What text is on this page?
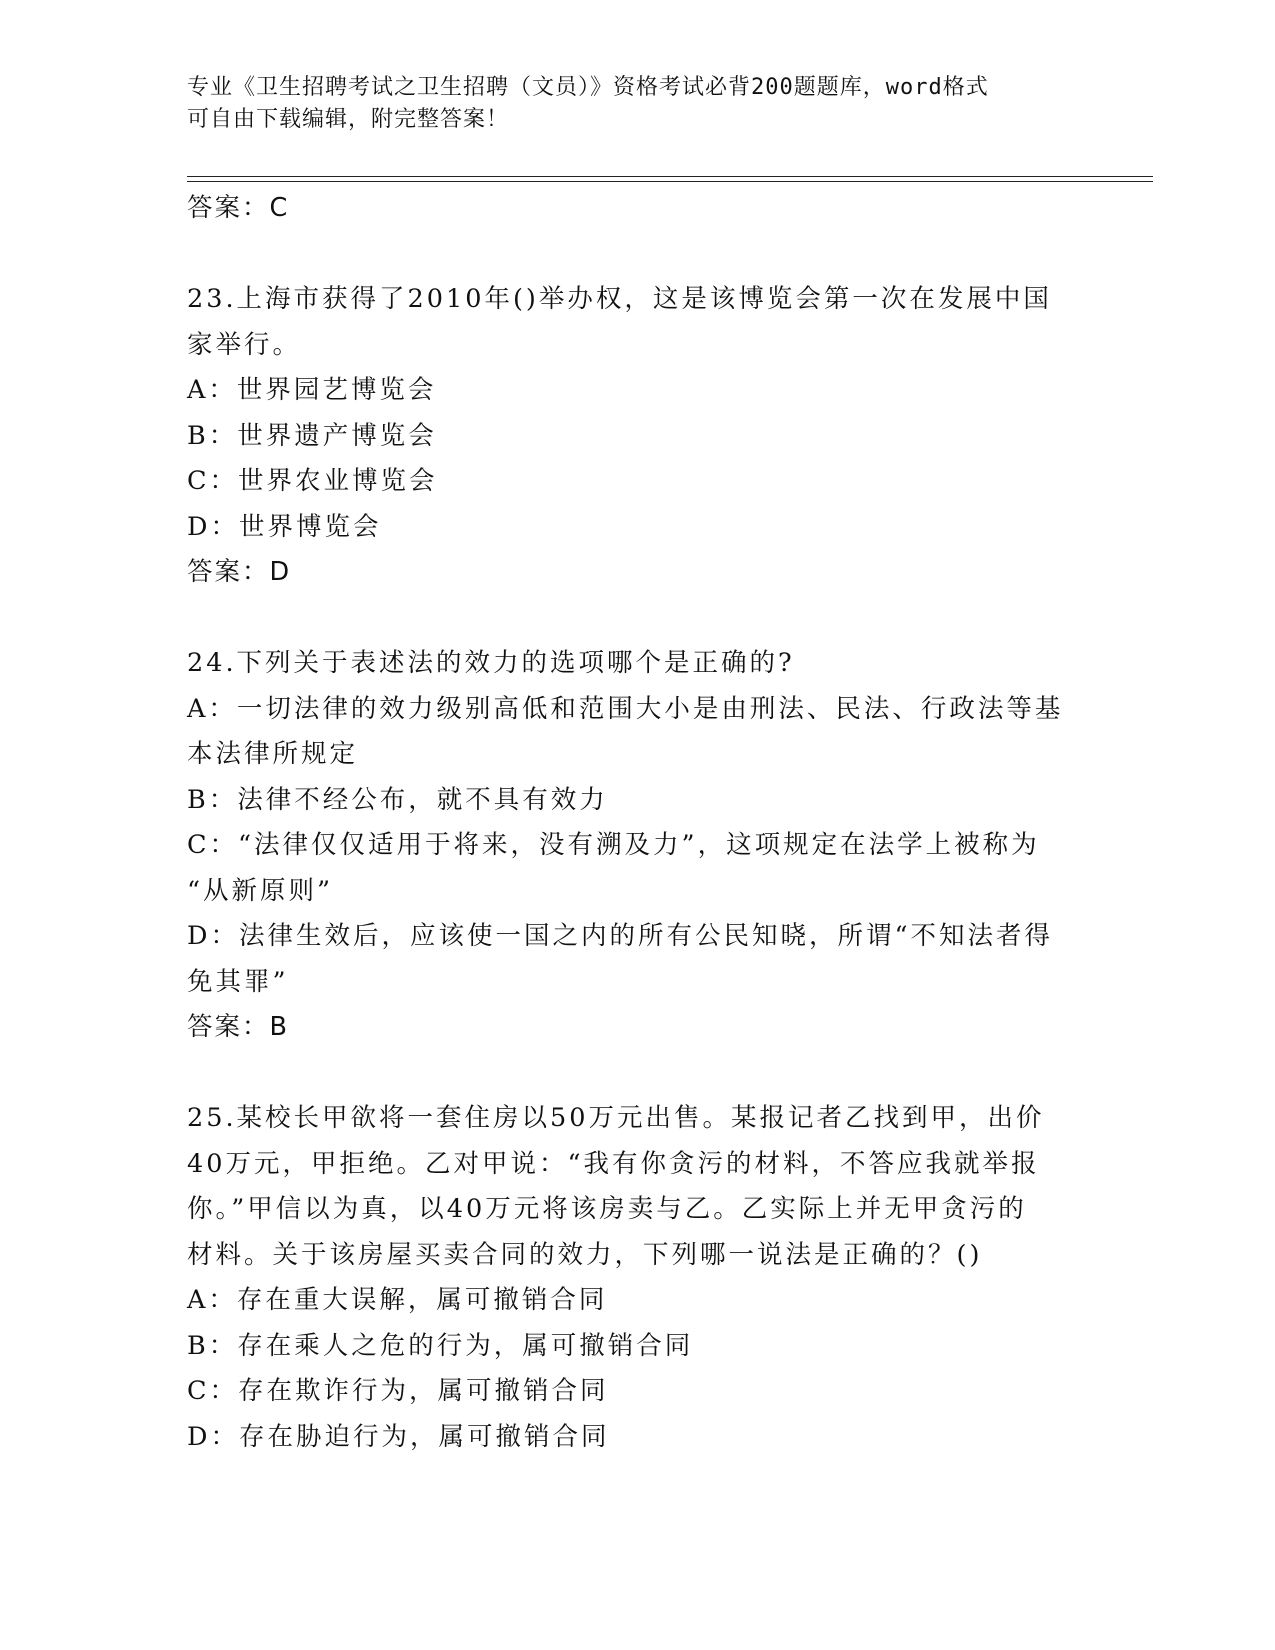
专业《卫生招聘考试之卫生招聘（文员）》资格考试必背200题题库，word格式
可自由下载编辑，附完整答案！
答案：C
23.上海市获得了2010年()举办权，这是该博览会第一次在发展中国
家举行。
A：世界园艺博览会
B：世界遗产博览会
C：世界农业博览会
D：世界博览会
答案：D
24.下列关于表述法的效力的选项哪个是正确的?
A：一切法律的效力级别高低和范围大小是由刑法、民法、行政法等基
本法律所规定
B：法律不经公布，就不具有效力
C：“法律仅仅适用于将来，没有溯及力”，这项规定在法学上被称为
“从新原则”
D：法律生效后，应该使一国之内的所有公民知晓，所谓“不知法者得
免其罪”
答案：B
25.某校长甲欲将一套住房以50万元出售。某报记者乙找到甲，出价
40万元，甲拒绝。乙对甲说：“我有你贪污的材料，不答应我就举报
你。”甲信以为真，以40万元将该房卖与乙。乙实际上并无甲贪污的
材料。关于该房屋买卖合同的效力，下列哪一说法是正确的？()
A：存在重大误解，属可撤销合同
B：存在乘人之危的行为，属可撤销合同
C：存在欺诈行为，属可撤销合同
D：存在胁迫行为，属可撤销合同
